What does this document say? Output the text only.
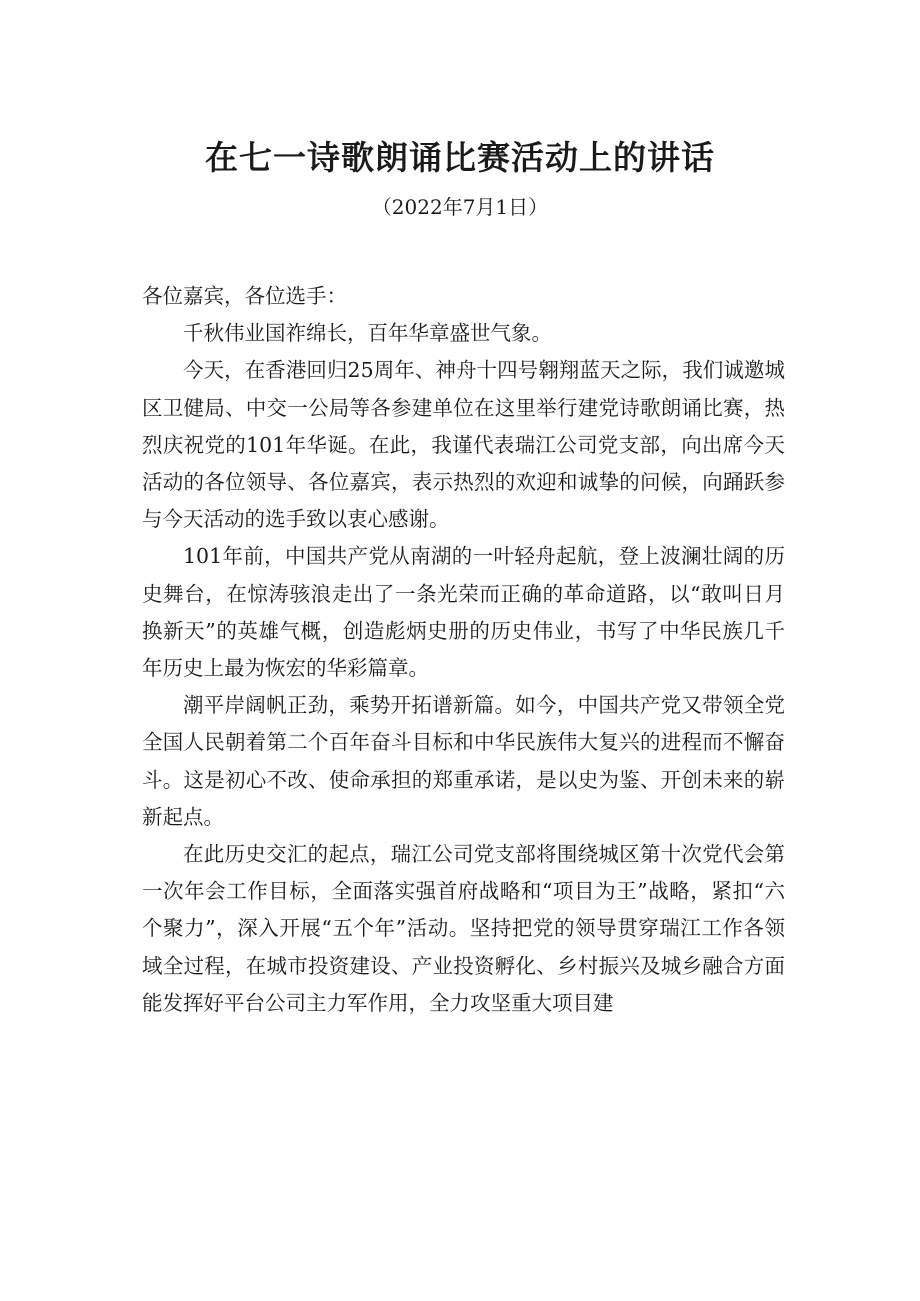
在七一诗歌朗诵比赛活动上的讲话
（2022年7月1日）

各位嘉宾，各位选手：

千秋伟业国祚绵长，百年华章盛世气象。

今天，在香港回归25周年、神舟十四号翱翔蓝天之际，我们诚邀城区卫健局、中交一公局等各参建单位在这里举行建党诗歌朗诵比赛，热烈庆祝党的101年华诞。在此，我谨代表瑞江公司党支部，向出席今天活动的各位领导、各位嘉宾，表示热烈的欢迎和诚挚的问候，向踊跃参与今天活动的选手致以衷心感谢。

101年前，中国共产党从南湖的一叶轻舟起航，登上波澜壮阔的历史舞台，在惊涛骇浪走出了一条光荣而正确的革命道路，以“敢叫日月换新天”的英雄气概，创造彪炳史册的历史伟业，书写了中华民族几千年历史上最为恢宏的华彩篇章。

潮平岸阔帆正劲，乘势开拓谱新篇。如今，中国共产党又带领全党全国人民朝着第二个百年奋斗目标和中华民族伟大复兴的进程而不懈奋斗。这是初心不改、使命承担的郑重承诺，是以史为鉴、开创未来的崭新起点。

在此历史交汇的起点，瑞江公司党支部将围绕城区第十次党代会第一次年会工作目标，全面落实强首府战略和“项目为王”战略，紧扣“六个聚力”，深入开展“五个年”活动。坚持把党的领导贯穿瑞江工作各领域全过程，在城市投资建设、产业投资孵化、乡村振兴及城乡融合方面能发挥好平台公司主力军作用，全力攻坚重大项目建
